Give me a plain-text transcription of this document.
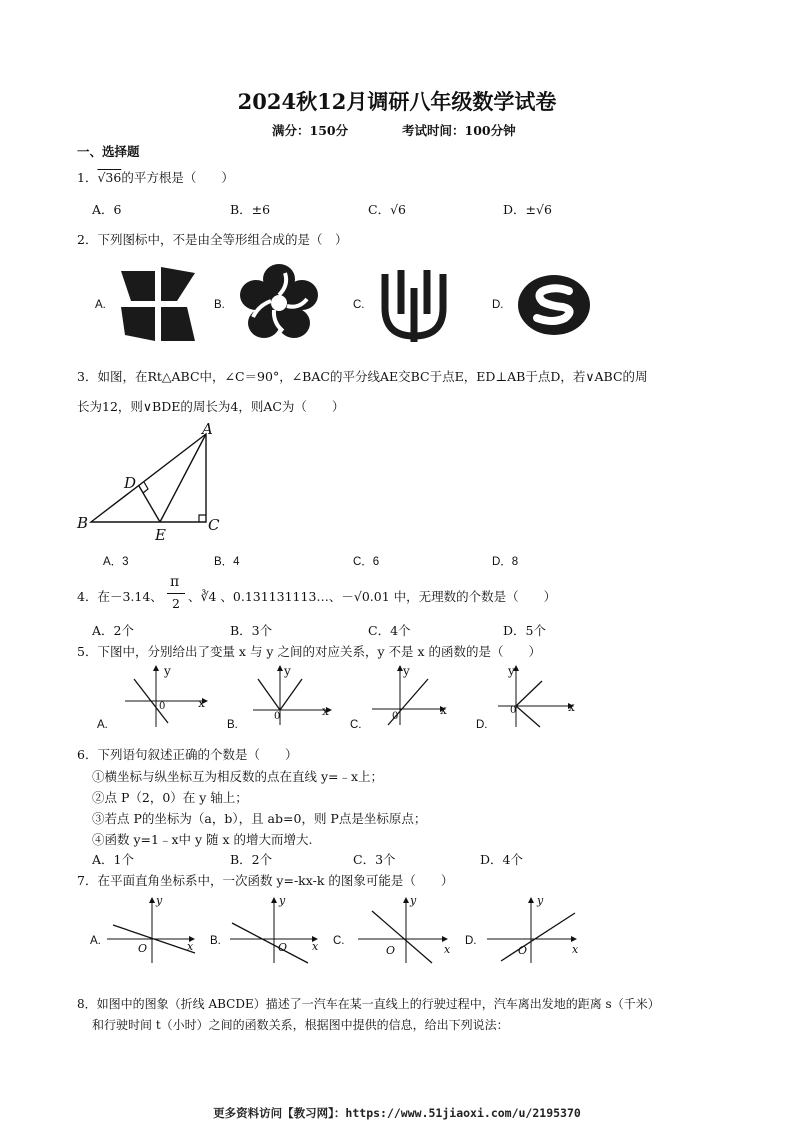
2024秋12月调研八年级数学试卷
满分：150分	考试时间：100分钟
一、选择题
1．√36的平方根是（　　）
A．6	B．±6	C．√6	D．±√6
2．下列图标中，不是由全等形组合成的是（　）
A.	B.	C.	D.
3．如图，在Rt△ABC中，∠C＝90°，∠BAC的平分线AE交BC于点E，ED⊥AB于点D，若∨ABC的周
长为12，则∨BDE的周长为4，则AC为（　　）
A
B	C
D
E
A．3	B．4	C．6	D．8
4．在－3.14、
π
2 、∛4 、0.131131113…、－√0.01 中，无理数的个数是（　　）
A．2个	B．3个	C．4个	D．5个
5．下图中，分别给出了变量 x 与 y 之间的对应关系，y 不是 x 的函数的是（　　）
y
x
0
A.
y
x
0
B.
y
x
0
C.
y
x
0
D.
6．下列语句叙述正确的个数是（　　）
①横坐标与纵坐标互为相反数的点在直线 y=﹣x上；
②点 P（2，0）在 y 轴上；
③若点 P的坐标为（a，b），且 ab=0，则 P点是坐标原点；
④函数 y=1﹣x中 y 随 x 的增大而增大.
A．1个	B．2个	C．3个	D．4个
7．在平面直角坐标系中，一次函数 y=-kx-k 的图象可能是（　　）
A.
y
x
O
B.
y
x
O	C.
y
x
O
D.
y
x
O
8．如图中的图象（折线 ABCDE）描述了一汽车在某一直线上的行驶过程中，汽车离出发地的距离 s（千米）
和行驶时间 t（小时）之间的函数关系，根据图中提供的信息，给出下列说法：
更多资料访问【教习网】：https://www.51jiaoxi.com/u/2195370
